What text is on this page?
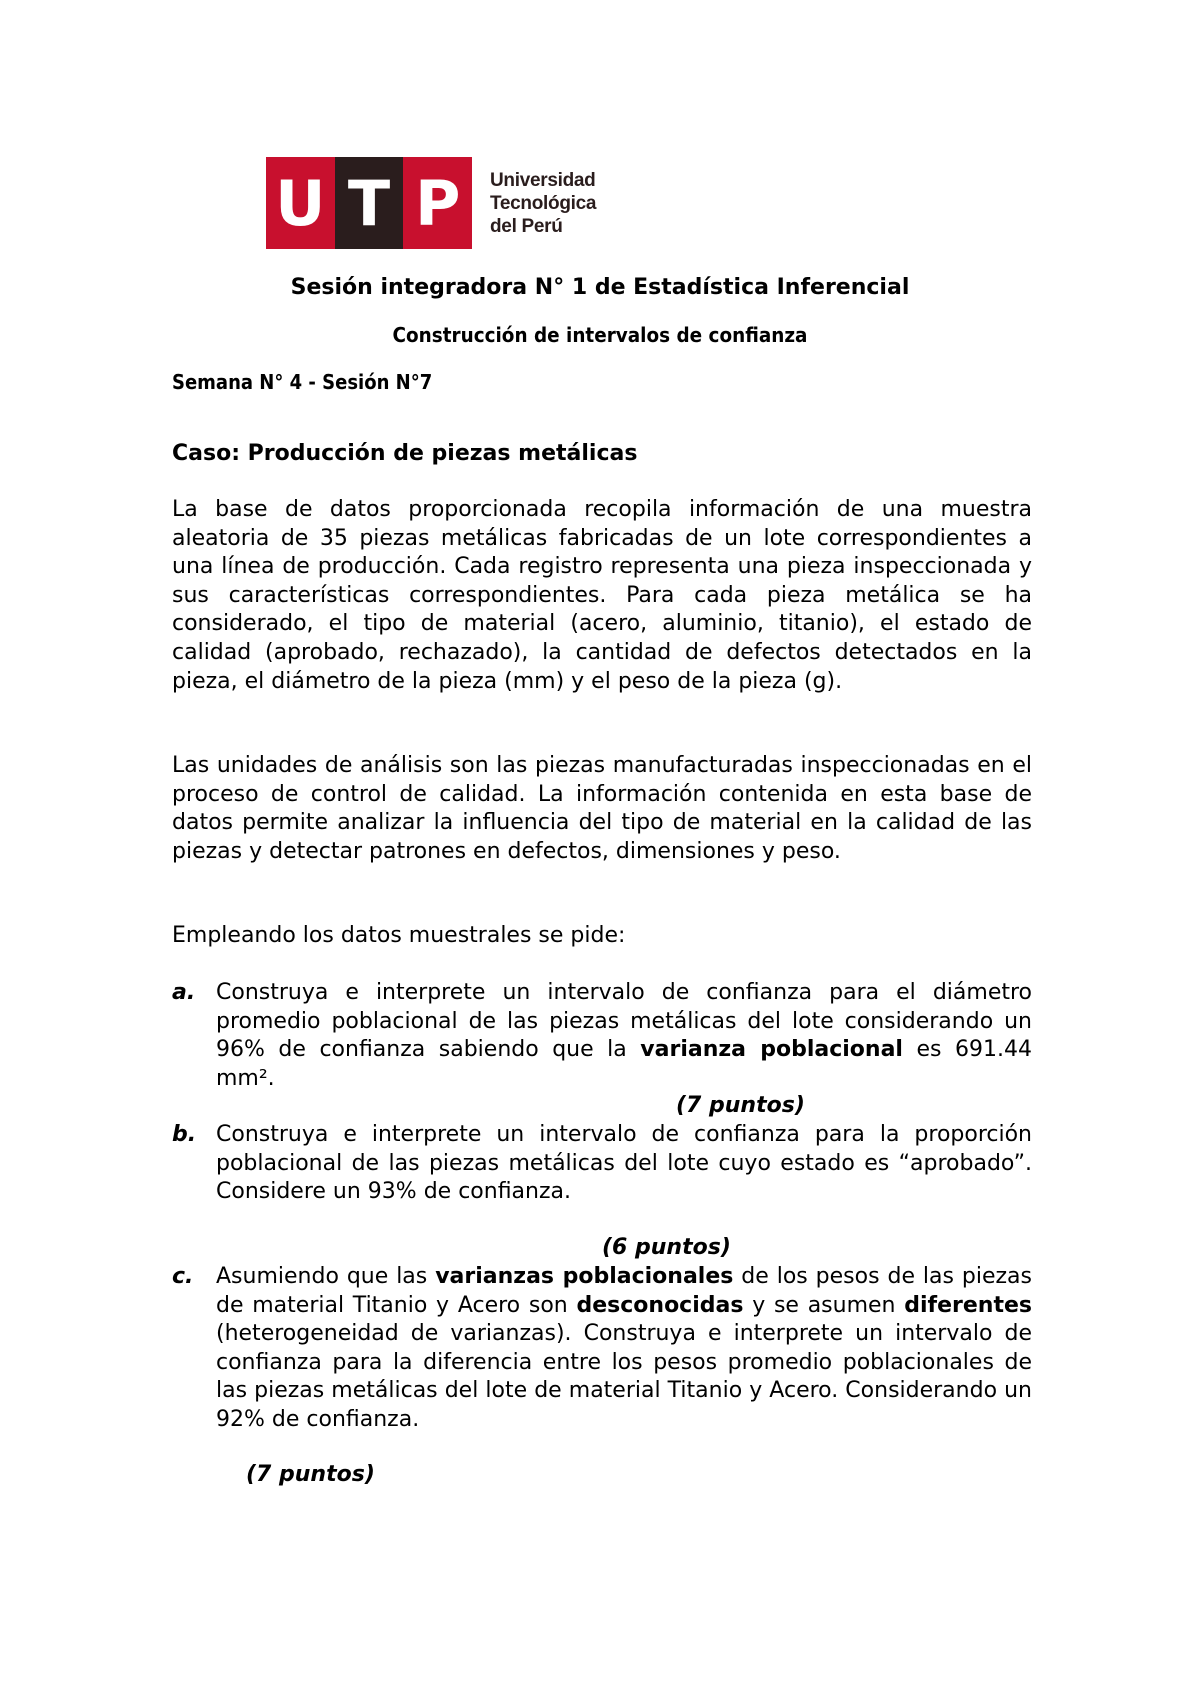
U T P	Universidad
Tecnológica
del Perú
Sesión integradora N° 1 de Estadística Inferencial
Construcción de intervalos de confianza
Semana N° 4 - Sesión N°7
Caso: Producción de piezas metálicas

La base de datos proporcionada recopila información de una muestra aleatoria de 35 piezas metálicas fabricadas de un lote correspondientes a una línea de producción. Cada registro representa una pieza inspeccionada y sus características correspondientes. Para cada pieza metálica se ha considerado, el tipo de material (acero, aluminio, titanio), el estado de calidad (aprobado, rechazado), la cantidad de defectos detectados en la pieza, el diámetro de la pieza (mm) y el peso de la pieza (g).

Las unidades de análisis son las piezas manufacturadas inspeccionadas en el proceso de control de calidad. La información contenida en esta base de datos permite analizar la influencia del tipo de material en la calidad de las piezas y detectar patrones en defectos, dimensiones y peso.

Empleando los datos muestrales se pide:

a. Construya e interprete un intervalo de confianza para el diámetro promedio poblacional de las piezas metálicas del lote considerando un 96% de confianza sabiendo que la varianza poblacional es 691.44 mm².
(7 puntos)
b. Construya e interprete un intervalo de confianza para la proporción poblacional de las piezas metálicas del lote cuyo estado es “aprobado”. Considere un 93% de confianza.
(6 puntos)
c. Asumiendo que las varianzas poblacionales de los pesos de las piezas de material Titanio y Acero son desconocidas y se asumen diferentes (heterogeneidad de varianzas). Construya e interprete un intervalo de confianza para la diferencia entre los pesos promedio poblacionales de las piezas metálicas del lote de material Titanio y Acero. Considerando un 92% de confianza.
(7 puntos)
